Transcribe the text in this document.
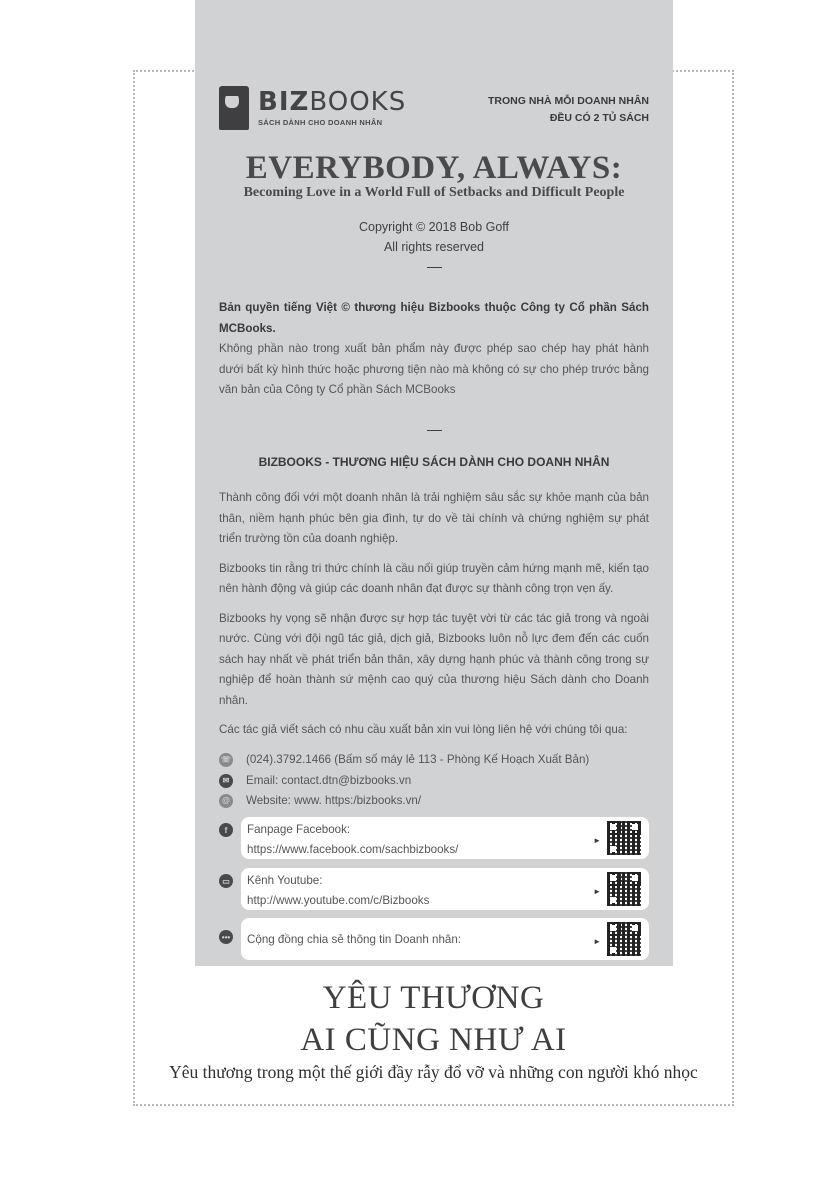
BIZBOOKS
SÁCH DÀNH CHO DOANH NHÂN
TRONG NHÀ MỖI DOANH NHÂN
ĐỀU CÓ 2 TỦ SÁCH
EVERYBODY, ALWAYS:
Becoming Love in a World Full of Setbacks and Difficult People
Copyright © 2018 Bob Goff
All rights reserved
Bản quyền tiếng Việt © thương hiệu Bizbooks thuộc Công ty Cổ phần Sách MCBooks.
Không phần nào trong xuất bản phẩm này được phép sao chép hay phát hành dưới bất kỳ hình thức hoặc phương tiện nào mà không có sự cho phép trước bằng văn bản của Công ty Cổ phần Sách MCBooks
BIZBOOKS - THƯƠNG HIỆU SÁCH DÀNH CHO DOANH NHÂN

Thành công đối với một doanh nhân là trải nghiệm sâu sắc sự khỏe mạnh của bản thân, niềm hạnh phúc bên gia đình, tự do về tài chính và chứng nghiệm sự phát triển trường tồn của doanh nghiệp.

Bizbooks tin rằng tri thức chính là cầu nối giúp truyền cảm hứng mạnh mẽ, kiến tạo nên hành động và giúp các doanh nhân đạt được sự thành công trọn vẹn ấy.

Bizbooks hy vọng sẽ nhận được sự hợp tác tuyệt vời từ các tác giả trong và ngoài nước. Cùng với đội ngũ tác giả, dịch giả, Bizbooks luôn nỗ lực đem đến các cuốn sách hay nhất về phát triển bản thân, xây dựng hạnh phúc và thành công trong sự nghiệp để hoàn thành sứ mệnh cao quý của thương hiệu Sách dành cho Doanh nhân.

Các tác giả viết sách có nhu cầu xuất bản xin vui lòng liên hệ với chúng tôi qua:

☏ (024).3792.1466 (Bấm số máy lẻ 113 - Phòng Kế Hoạch Xuất Bản)
✉	Email: contact.dtn@bizbooks.vn
@ Website: www. https:/bizbooks.vn/
f	Fanpage Facebook:
https://www.facebook.com/sachbizbooks/
►
▭ Kênh Youtube:
http://www.youtube.com/c/Bizbooks
►
••• Cộng đồng chia sẻ thông tin Doanh nhân:	►
YÊU THƯƠNG
AI CŨNG NHƯ AI
Yêu thương trong một thế giới đầy rẫy đổ vỡ và những con người khó nhọc
